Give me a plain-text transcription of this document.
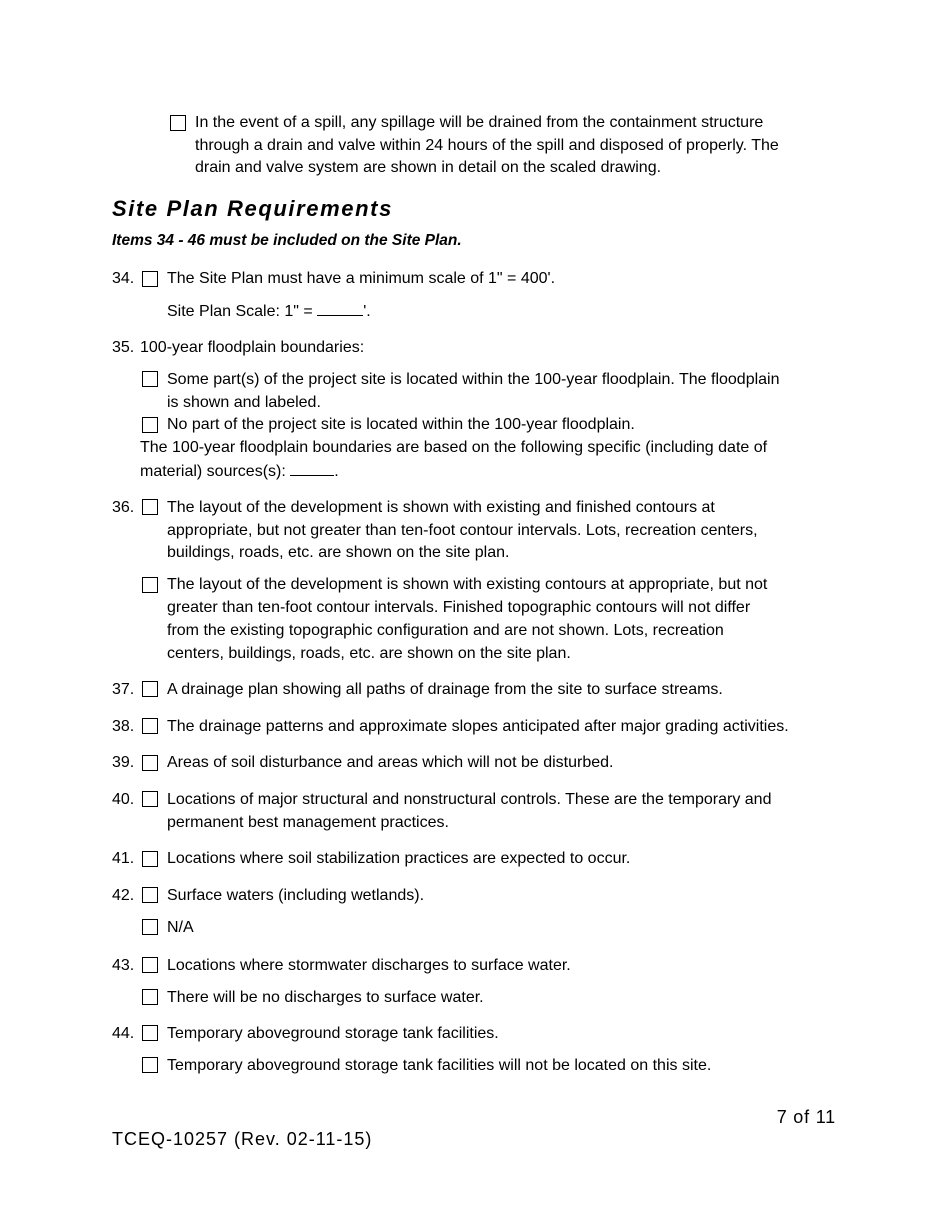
In the event of a spill, any spillage will be drained from the containment structure
through a drain and valve within 24 hours of the spill and disposed of properly. The
drain and valve system are shown in detail on the scaled drawing.
Site Plan Requirements
Items 34 - 46 must be included on the Site Plan.
34. The Site Plan must have a minimum scale of 1" = 400'.
Site Plan Scale: 1" =	'.
35. 100-year floodplain boundaries:
Some part(s) of the project site is located within the 100-year floodplain. The floodplain
is shown and labeled.
No part of the project site is located within the 100-year floodplain.
The 100-year floodplain boundaries are based on the following specific (including date of
material) sources(s):	.
36. The layout of the development is shown with existing and finished contours at
appropriate, but not greater than ten-foot contour intervals. Lots, recreation centers,
buildings, roads, etc. are shown on the site plan.
The layout of the development is shown with existing contours at appropriate, but not
greater than ten-foot contour intervals. Finished topographic contours will not differ
from the existing topographic configuration and are not shown. Lots, recreation
centers, buildings, roads, etc. are shown on the site plan.
37. A drainage plan showing all paths of drainage from the site to surface streams.
38. The drainage patterns and approximate slopes anticipated after major grading activities.
39. Areas of soil disturbance and areas which will not be disturbed.
40. Locations of major structural and nonstructural controls. These are the temporary and
permanent best management practices.
41. Locations where soil stabilization practices are expected to occur.
42. Surface waters (including wetlands).
N/A
43. Locations where stormwater discharges to surface water.
There will be no discharges to surface water.
44. Temporary aboveground storage tank facilities.
Temporary aboveground storage tank facilities will not be located on this site.
7 of 11
TCEQ-10257 (Rev. 02-11-15)
